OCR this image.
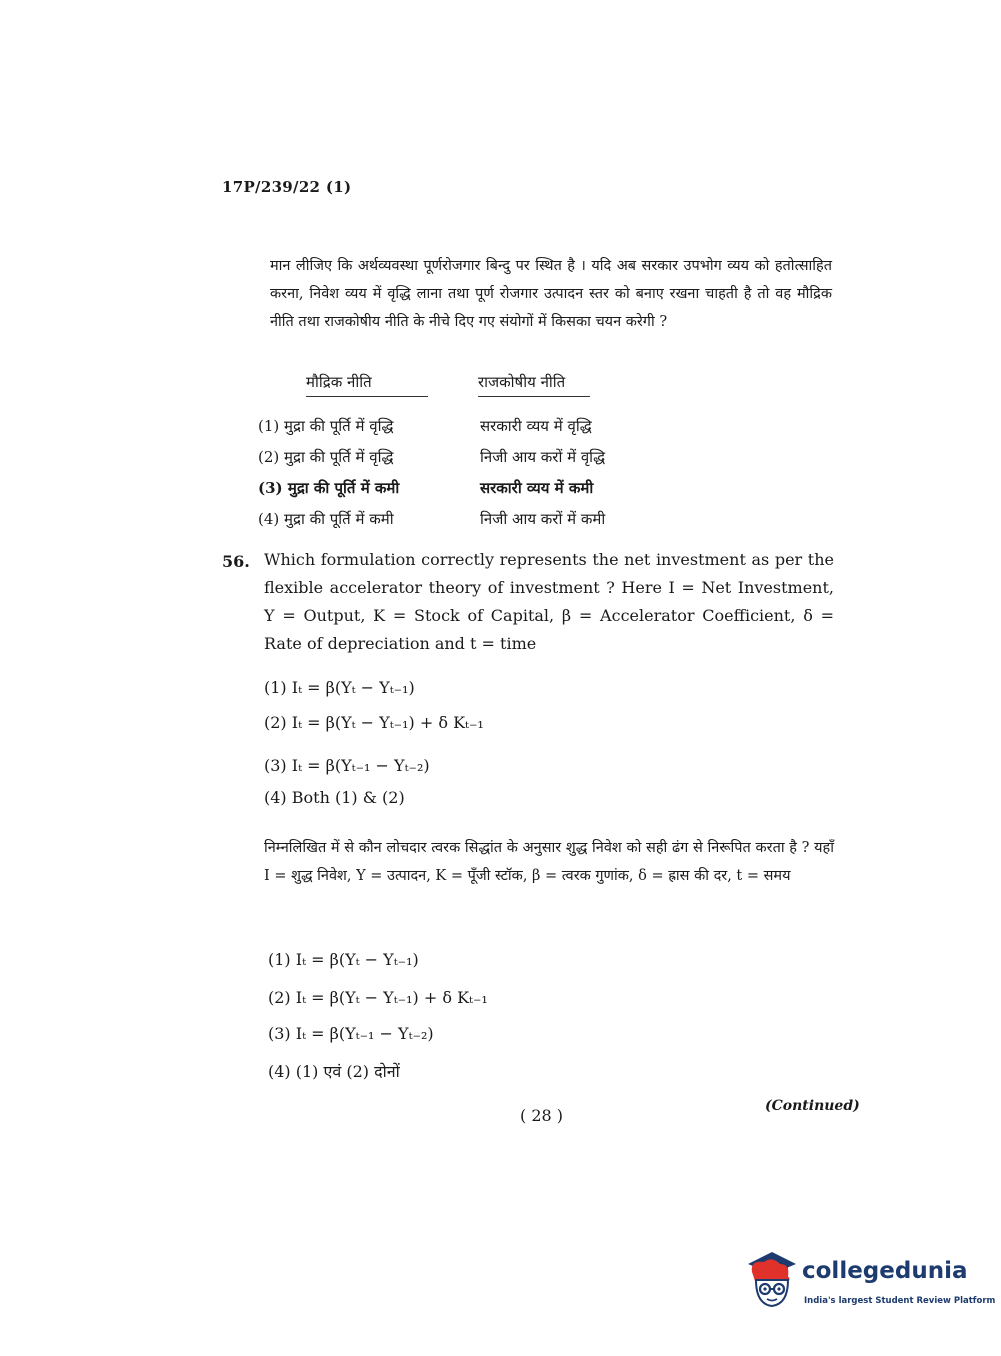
17P/239/22 (1)
मान लीजिए कि अर्थव्यवस्था पूर्णरोजगार बिन्दु पर स्थित है । यदि अब सरकार उपभोग व्यय को हतोत्साहित करना, निवेश व्यय में वृद्धि लाना तथा पूर्ण रोजगार उत्पादन स्तर को बनाए रखना चाहती है तो वह मौद्रिक नीति तथा राजकोषीय नीति के नीचे दिए गए संयोगों में किसका चयन करेगी ?
मौद्रिक नीति	राजकोषीय नीति
(1) मुद्रा की पूर्ति में वृद्धि	सरकारी व्यय में वृद्धि
(2) मुद्रा की पूर्ति में वृद्धि	निजी आय करों में वृद्धि
(3) मुद्रा की पूर्ति में कमी	सरकारी व्यय में कमी
(4) मुद्रा की पूर्ति में कमी	निजी आय करों में कमी
56. Which formulation correctly represents the net investment as per the flexible accelerator theory of investment ? Here I = Net Investment, Y = Output, K = Stock of Capital, β = Accelerator Coefficient, δ = Rate of depreciation and t = time
(1) Iₜ = β(Yₜ − Yₜ₋₁)
(2) Iₜ = β(Yₜ − Yₜ₋₁) + δ Kₜ₋₁
(3) Iₜ = β(Yₜ₋₁ − Yₜ₋₂)
(4) Both (1) & (2)
निम्नलिखित में से कौन लोचदार त्वरक सिद्धांत के अनुसार शुद्ध निवेश को सही ढंग से निरूपित करता है ? यहाँ I = शुद्ध निवेश, Y = उत्पादन, K = पूँजी स्टॉक, β = त्वरक गुणांक, δ = ह्रास की दर, t = समय
(1) Iₜ = β(Yₜ − Yₜ₋₁)
(2) Iₜ = β(Yₜ − Yₜ₋₁) + δ Kₜ₋₁
(3) Iₜ = β(Yₜ₋₁ − Yₜ₋₂)
(4) (1) एवं (2) दोनों
( 28 )	(Continued)
collegedunia
India's largest Student Review Platform
